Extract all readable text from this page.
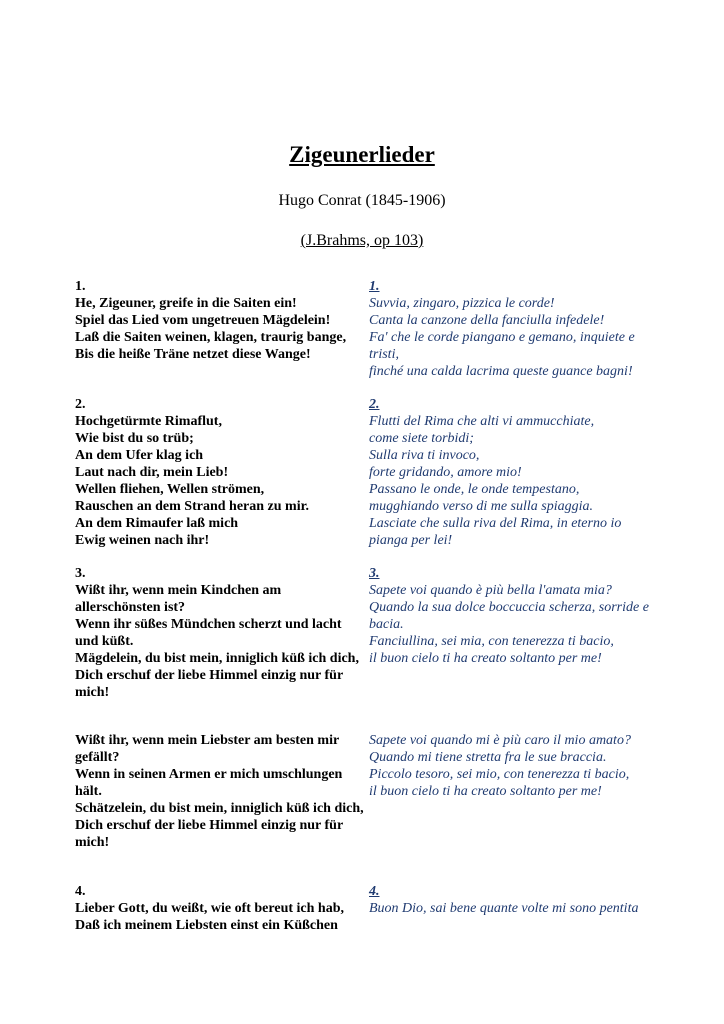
Zigeunerlieder
Hugo Conrat (1845-1906)
(J.Brahms, op 103)
1.
He, Zigeuner, greife in die Saiten ein!
Spiel das Lied vom ungetreuen Mägdelein!
Laß die Saiten weinen, klagen, traurig bange,
Bis die heiße Träne netzet diese Wange!
1.
Suvvia, zingaro, pizzica le corde!
Canta la canzone della fanciulla infedele!
Fa' che le corde piangano e gemano, inquiete e tristi,
finché una calda lacrima queste guance bagni!
2.
Hochgetürmte Rimaflut,
Wie bist du so trüb;
An dem Ufer klag ich
Laut nach dir, mein Lieb!
Wellen fliehen, Wellen strömen,
Rauschen an dem Strand heran zu mir.
An dem Rimaufer laß mich
Ewig weinen nach ihr!
2.
Flutti del Rima che alti vi ammucchiate,
come siete torbidi;
Sulla riva ti invoco,
forte gridando, amore mio!
Passano le onde, le onde tempestano,
mugghiando verso di me sulla spiaggia.
Lasciate che sulla riva del Rima, in eterno io pianga per lei!
3.
Wißt ihr, wenn mein Kindchen am allerschönsten ist?
Wenn ihr süßes Mündchen scherzt und lacht und küßt.
Mägdelein, du bist mein, inniglich küß ich dich,
Dich erschuf der liebe Himmel einzig nur für mich!
3.
Sapete voi quando è più bella l'amata mia?
Quando la sua dolce boccuccia scherza, sorride e bacia.
Fanciullina, sei mia, con tenerezza ti bacio,
il buon cielo ti ha creato soltanto per me!
Wißt ihr, wenn mein Liebster am besten mir gefällt?
Wenn in seinen Armen er mich umschlungen hält.
Schätzelein, du bist mein, inniglich küß ich dich,
Dich erschuf der liebe Himmel einzig nur für mich!
Sapete voi quando mi è più caro il mio amato?
Quando mi tiene stretta fra le sue braccia.
Piccolo tesoro, sei mio, con tenerezza ti bacio,
il buon cielo ti ha creato soltanto per me!
4.
Lieber Gott, du weißt, wie oft bereut ich hab,
Daß ich meinem Liebsten einst ein Küßchen
4.
Buon Dio, sai bene quante volte mi sono pentita
